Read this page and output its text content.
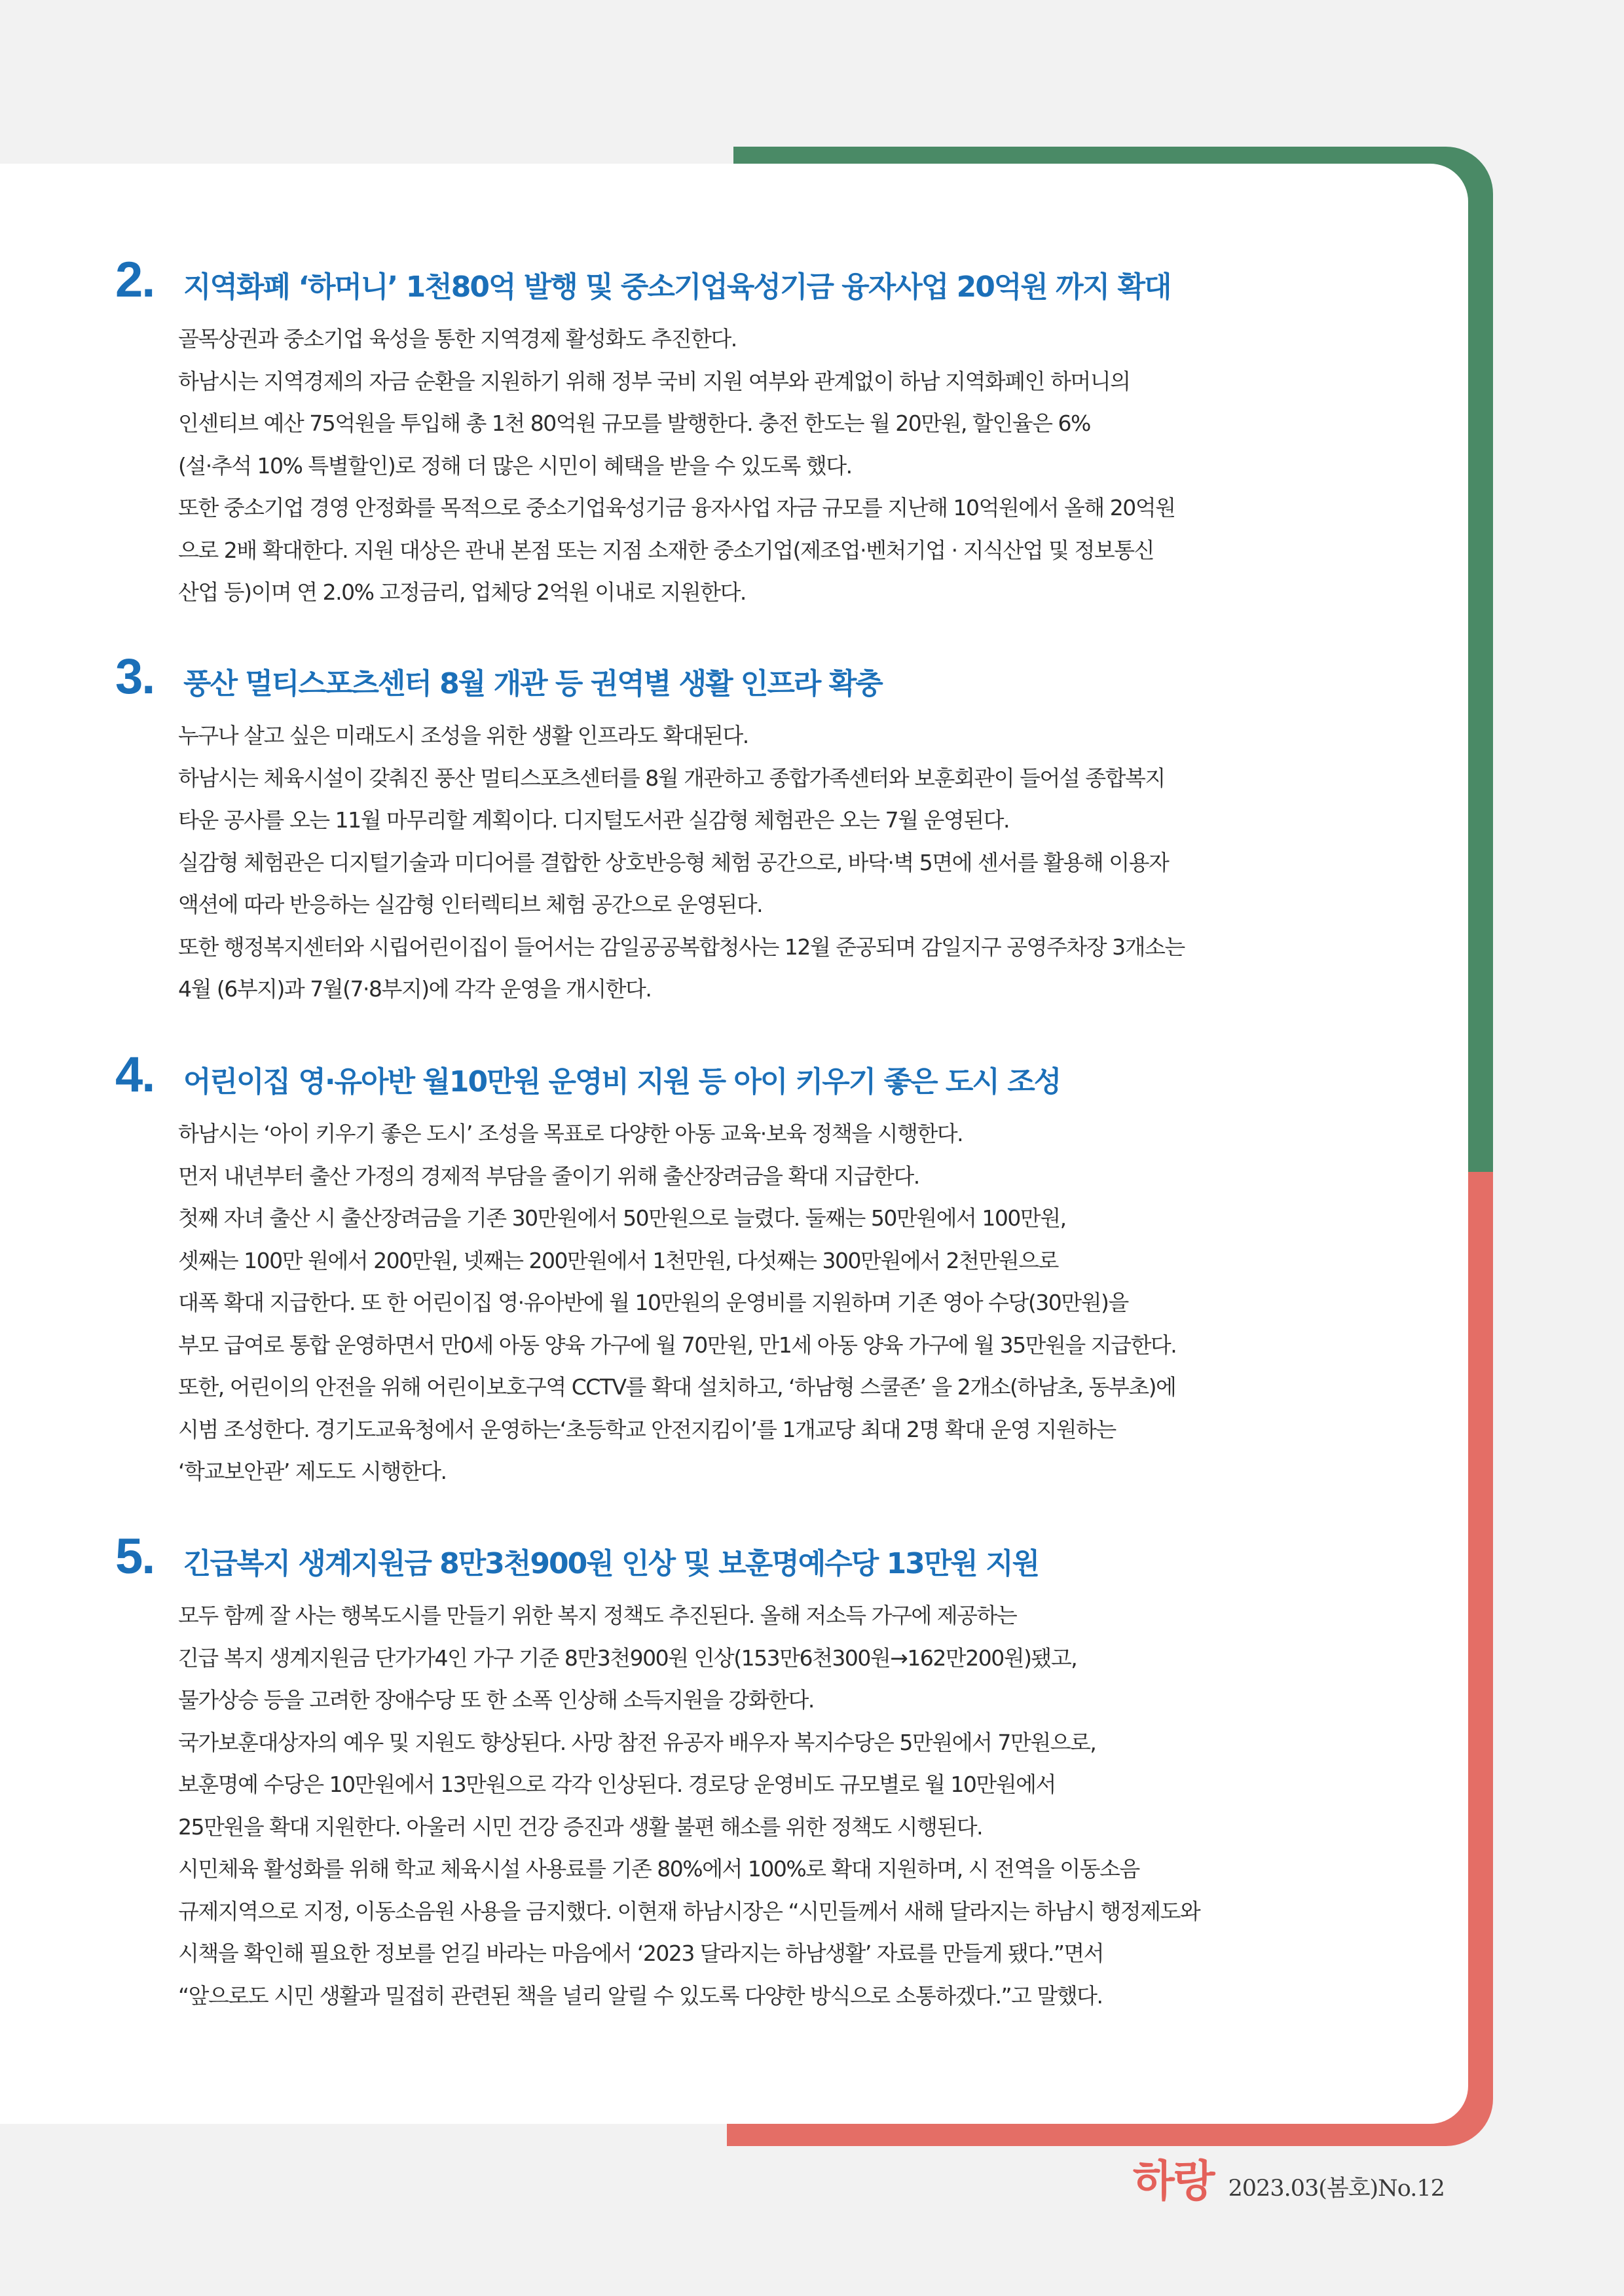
2.	지역화폐 ‘하머니’ 1천80억 발행 및 중소기업육성기금 융자사업 20억원 까지 확대
골목상권과 중소기업 육성을 통한 지역경제 활성화도 추진한다.
하남시는 지역경제의 자금 순환을 지원하기 위해 정부 국비 지원 여부와 관계없이 하남 지역화폐인 하머니의
인센티브 예산 75억원을 투입해 총 1천 80억원 규모를 발행한다. 충전 한도는 월 20만원, 할인율은 6%
(설·추석 10% 특별할인)로 정해 더 많은 시민이 혜택을 받을 수 있도록 했다.
또한 중소기업 경영 안정화를 목적으로 중소기업육성기금 융자사업 자금 규모를 지난해 10억원에서 올해 20억원
으로 2배 확대한다. 지원 대상은 관내 본점 또는 지점 소재한 중소기업(제조업·벤처기업 · 지식산업 및 정보통신
산업 등)이며 연 2.0% 고정금리, 업체당 2억원 이내로 지원한다.
3.	풍산 멀티스포츠센터 8월 개관 등 권역별 생활 인프라 확충
누구나 살고 싶은 미래도시 조성을 위한 생활 인프라도 확대된다.
하남시는 체육시설이 갖춰진 풍산 멀티스포츠센터를 8월 개관하고 종합가족센터와 보훈회관이 들어설 종합복지
타운 공사를 오는 11월 마무리할 계획이다. 디지털도서관 실감형 체험관은 오는 7월 운영된다.
실감형 체험관은 디지털기술과 미디어를 결합한 상호반응형 체험 공간으로, 바닥·벽 5면에 센서를 활용해 이용자
액션에 따라 반응하는 실감형 인터렉티브 체험 공간으로 운영된다.
또한 행정복지센터와 시립어린이집이 들어서는 감일공공복합청사는 12월 준공되며 감일지구 공영주차장 3개소는
4월 (6부지)과 7월(7·8부지)에 각각 운영을 개시한다.
4.	어린이집 영·유아반 월10만원 운영비 지원 등 아이 키우기 좋은 도시 조성
하남시는 ‘아이 키우기 좋은 도시’ 조성을 목표로 다양한 아동 교육·보육 정책을 시행한다.
먼저 내년부터 출산 가정의 경제적 부담을 줄이기 위해 출산장려금을 확대 지급한다.
첫째 자녀 출산 시 출산장려금을 기존 30만원에서 50만원으로 늘렸다. 둘째는 50만원에서 100만원,
셋째는 100만 원에서 200만원, 넷째는 200만원에서 1천만원, 다섯째는 300만원에서 2천만원으로
대폭 확대 지급한다. 또 한 어린이집 영·유아반에 월 10만원의 운영비를 지원하며 기존 영아 수당(30만원)을
부모 급여로 통합 운영하면서 만0세 아동 양육 가구에 월 70만원, 만1세 아동 양육 가구에 월 35만원을 지급한다.
또한, 어린이의 안전을 위해 어린이보호구역 CCTV를 확대 설치하고, ‘하남형 스쿨존’ 을 2개소(하남초, 동부초)에
시범 조성한다. 경기도교육청에서 운영하는‘초등학교 안전지킴이’를 1개교당 최대 2명 확대 운영 지원하는
‘학교보안관’ 제도도 시행한다.
5.	긴급복지 생계지원금 8만3천900원 인상 및 보훈명예수당 13만원 지원
모두 함께 잘 사는 행복도시를 만들기 위한 복지 정책도 추진된다. 올해 저소득 가구에 제공하는
긴급 복지 생계지원금 단가가4인 가구 기준 8만3천900원 인상(153만6천300원→162만200원)됐고,
물가상승 등을 고려한 장애수당 또 한 소폭 인상해 소득지원을 강화한다.
국가보훈대상자의 예우 및 지원도 향상된다. 사망 참전 유공자 배우자 복지수당은 5만원에서 7만원으로,
보훈명예 수당은 10만원에서 13만원으로 각각 인상된다. 경로당 운영비도 규모별로 월 10만원에서
25만원을 확대 지원한다. 아울러 시민 건강 증진과 생활 불편 해소를 위한 정책도 시행된다.
시민체육 활성화를 위해 학교 체육시설 사용료를 기존 80%에서 100%로 확대 지원하며, 시 전역을 이동소음
규제지역으로 지정, 이동소음원 사용을 금지했다. 이현재 하남시장은 “시민들께서 새해 달라지는 하남시 행정제도와
시책을 확인해 필요한 정보를 얻길 바라는 마음에서 ‘2023 달라지는 하남생활’ 자료를 만들게 됐다.”면서
“앞으로도 시민 생활과 밀접히 관련된 책을 널리 알릴 수 있도록 다양한 방식으로 소통하겠다.”고 말했다.
하랑 2023.03(봄호)No.12
